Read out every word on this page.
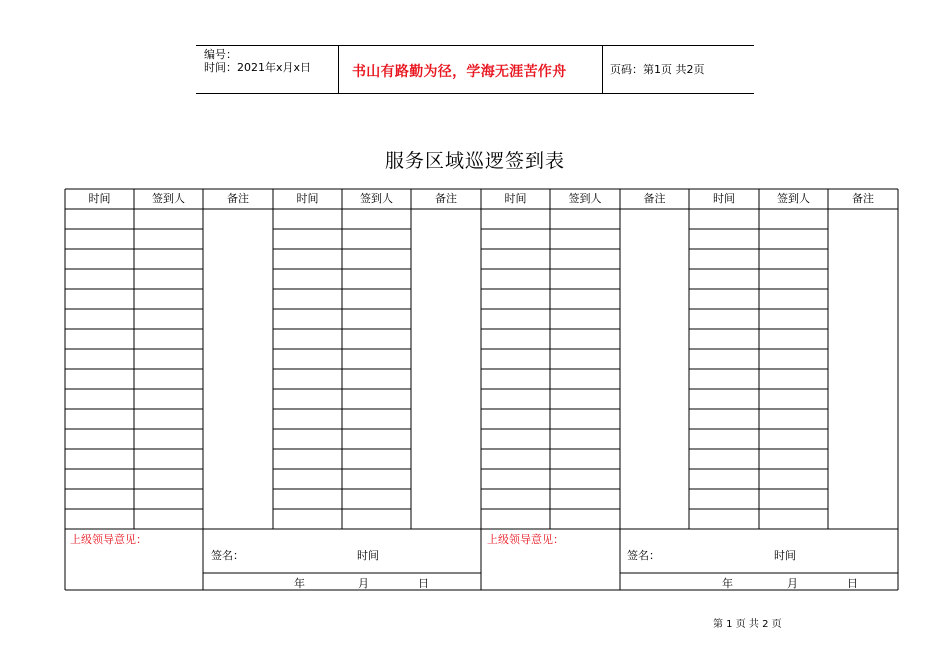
编号：
时间：2021年x月x日	书山有路勤为径，学海无涯苦作舟	页码：第1页 共2页
服务区域巡逻签到表
时间	签到人	备注	时间	签到人	备注	时间	签到人	备注	时间	签到人	备注
上级领导意见：
签名：	时间
年	月	日
上级领导意见：
签名：	时间
年	月	日
第 1 页 共 2 页
